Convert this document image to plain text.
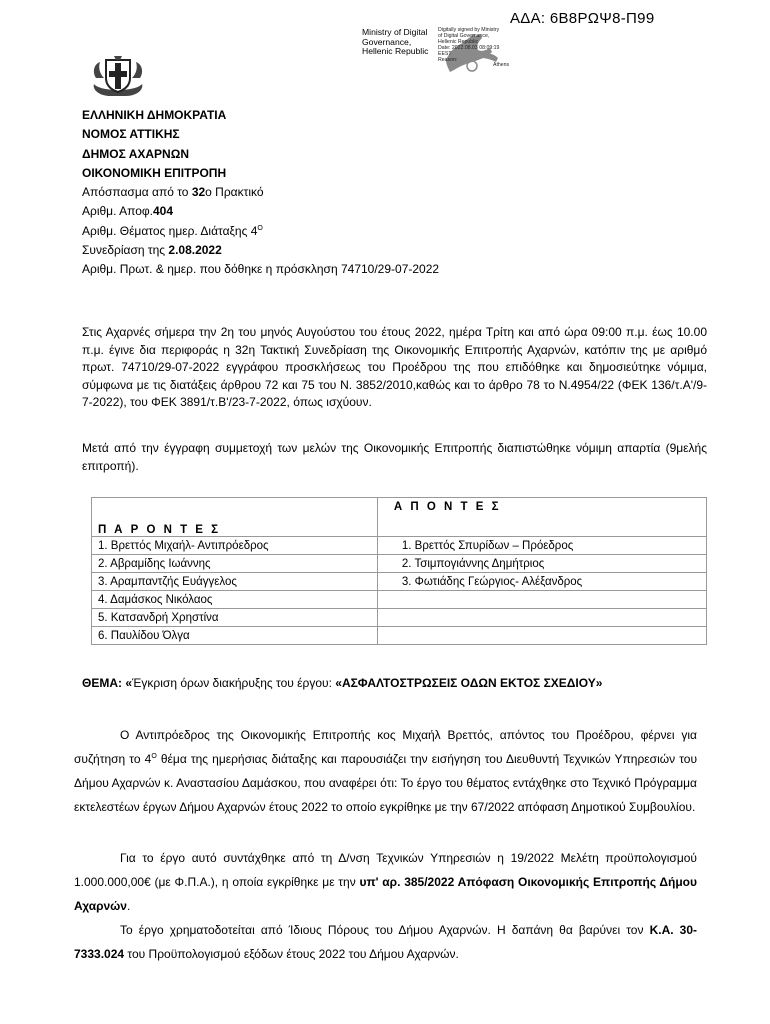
ΑΔΑ: 6Β8ΡΩΨ8-Π99
Ministry of Digital
Governance,
Hellenic Republic
Digitally signed by Ministry
of Digital Governance,
Hellenic Republic
Date: 2022.08.03 08:09:19
EEST
Reason:
Athens
ΕΛΛΗΝΙΚΗ ΔΗΜΟΚΡΑΤΙΑ
ΝΟΜΟΣ ΑΤΤΙΚΗΣ
ΔΗΜΟΣ ΑΧΑΡΝΩΝ
ΟΙΚΟΝΟΜΙΚΗ ΕΠΙΤΡΟΠΗ
Απόσπασμα από το 32ο Πρακτικό
Αριθμ. Αποφ.404
Αριθμ. Θέματος ημερ. Διάταξης $4^O$
Συνεδρίαση της 2.08.2022
Αριθμ. Πρωτ. & ημερ. που δόθηκε η πρόσκληση 74710/29-07-2022
Στις Αχαρνές σήμερα την 2η του μηνός Αυγούστου του έτους 2022, ημέρα Τρίτη και από ώρα 09:00 π.μ. έως 10.00 π.μ. έγινε δια περιφοράς η 32η Τακτική Συνεδρίαση της Οικονομικής Επιτροπής Αχαρνών, κατόπιν της με αριθμό πρωτ. 74710/29-07-2022 εγγράφου προσκλήσεως του Προέδρου της που επιδόθηκε και δημοσιεύτηκε νόμιμα, σύμφωνα με τις διατάξεις άρθρου 72 και 75 του Ν. 3852/2010,καθώς και το άρθρο 78 το Ν.4954/22 (ΦΕΚ 136/τ.Α'/9-7-2022), του ΦΕΚ 3891/τ.Β'/23-7-2022, όπως ισχύουν.
Μετά από την έγγραφη συμμετοχή των μελών της Οικονομικής Επιτροπής διαπιστώθηκε νόμιμη απαρτία (9μελής επιτροπή).
Π Α Ρ Ο Ν Τ Ε Σ	Α Π Ο Ν Τ Ε Σ
1. Βρεττός Μιχαήλ- Αντιπρόεδρος	1. Βρεττός Σπυρίδων – Πρόεδρος
2. Αβραμίδης Ιωάννης	2. Τσιμπογιάννης Δημήτριος
3. Αραμπαντζής Ευάγγελος	3. Φωτιάδης Γεώργιος- Αλέξανδρος
4. Δαμάσκος Νικόλαος	
5. Κατσανδρή Χρηστίνα	
6. Παυλίδου Όλγα	
ΘΕΜΑ: «Έγκριση όρων διακήρυξης του έργου: «ΑΣΦΑΛΤΟΣΤΡΩΣΕΙΣ ΟΔΩΝ ΕΚΤΟΣ ΣΧΕΔΙΟΥ»
Ο Αντιπρόεδρος της Οικονομικής Επιτροπής κος Μιχαήλ Βρεττός, απόντος του Προέδρου, φέρνει για συζήτηση το $4^O$ θέμα της ημερήσιας διάταξης και παρουσιάζει την εισήγηση του Διευθυντή Τεχνικών Υπηρεσιών του Δήμου Αχαρνών κ. Αναστασίου Δαμάσκου, που αναφέρει ότι: Το έργο του θέματος εντάχθηκε στο Τεχνικό Πρόγραμμα εκτελεστέων έργων Δήμου Αχαρνών έτους 2022 το οποίο εγκρίθηκε με την 67/2022 απόφαση Δημοτικού Συμβουλίου.
Για το έργο αυτό συντάχθηκε από τη Δ/νση Τεχνικών Υπηρεσιών η 19/2022 Μελέτη προϋπολογισμού 1.000.000,00€ (με Φ.Π.Α.), η οποία εγκρίθηκε με την υπ' αρ. 385/2022 Απόφαση Οικονομικής Επιτροπής Δήμου Αχαρνών.
Το έργο χρηματοδοτείται από Ίδιους Πόρους του Δήμου Αχαρνών. Η δαπάνη θα βαρύνει τον Κ.Α. 30-7333.024 του Προϋπολογισμού εξόδων έτους 2022 του Δήμου Αχαρνών.
